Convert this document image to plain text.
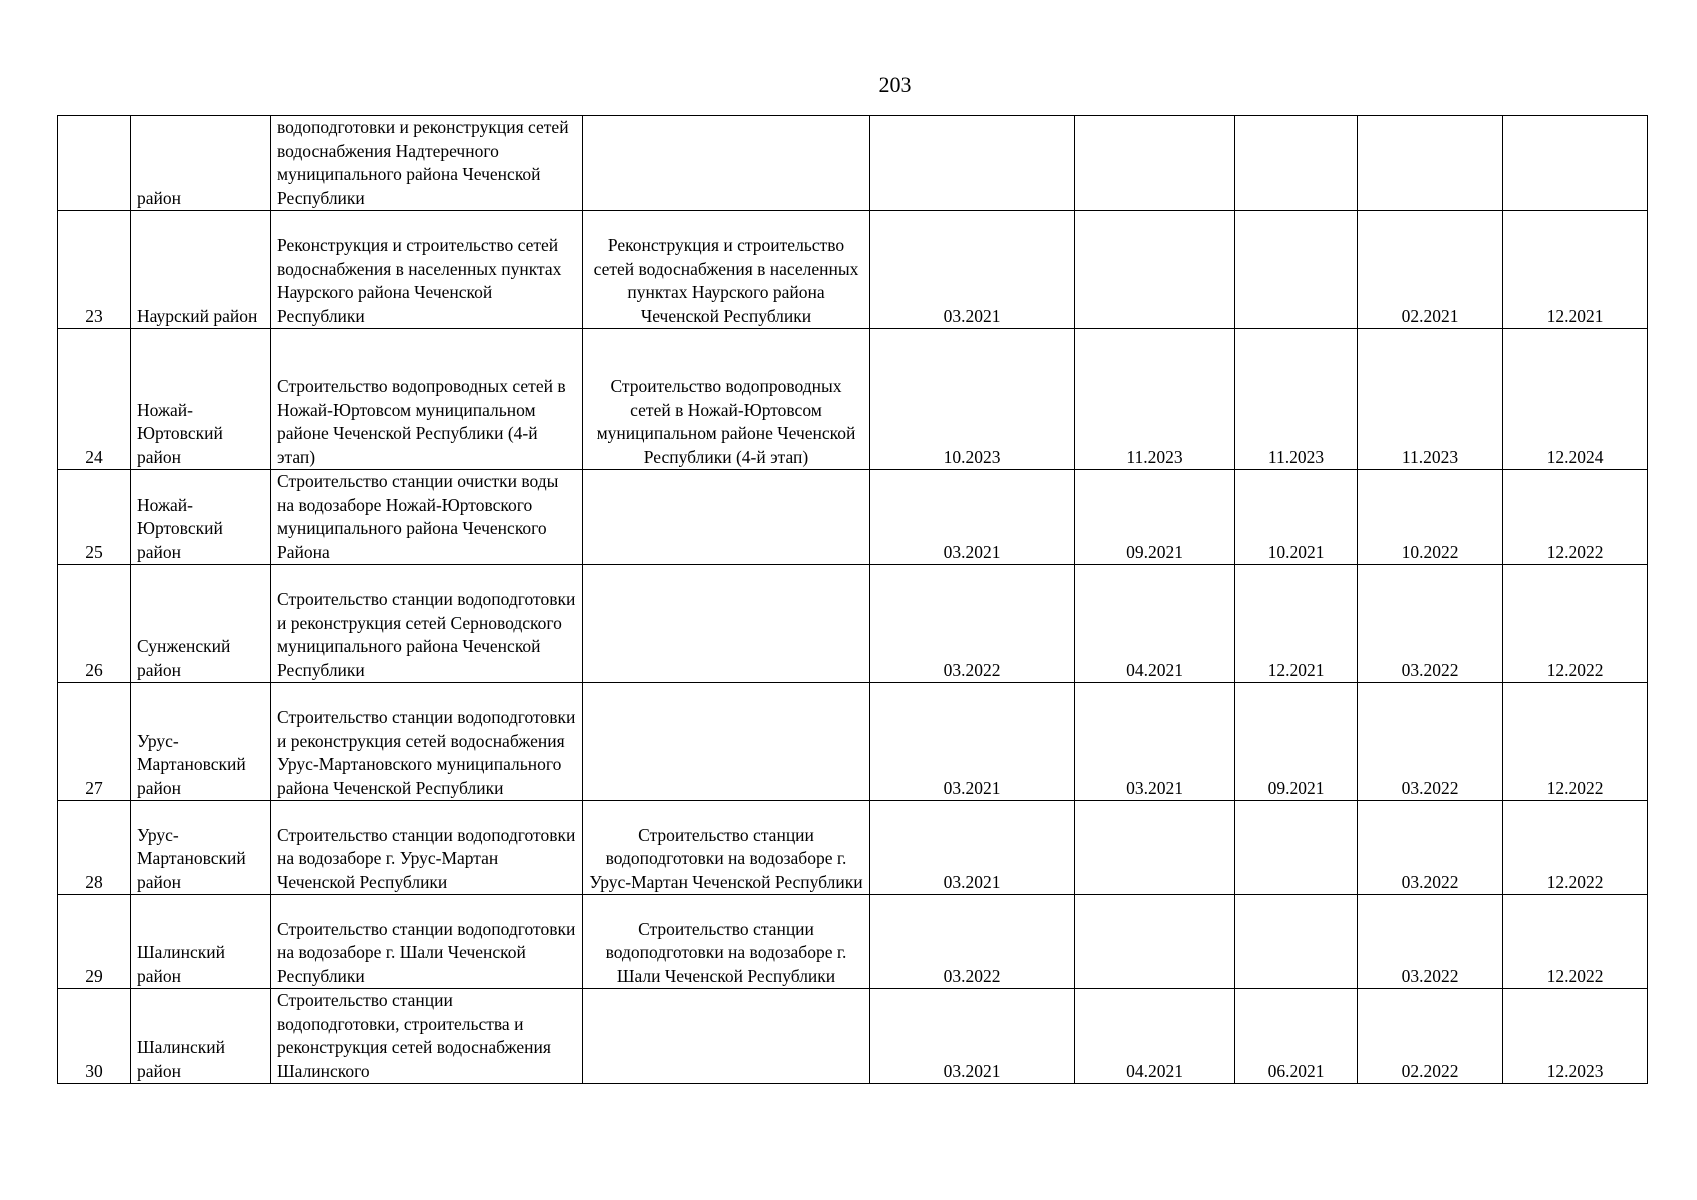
203
	район	водоподготовки и реконструкция сетей водоснабжения Надтеречного муниципального района Чеченской Республики						
23	Наурский район	Реконструкция и строительство сетей водоснабжения в населенных пунктах Наурского района Чеченской Республики	Реконструкция и строительство сетей водоснабжения в населенных пунктах Наурского района Чеченской Республики	03.2021			02.2021	12.2021
24	Ножай-Юртовский район	Строительство водопроводных сетей в Ножай-Юртовсом муниципальном районе Чеченской Республики (4-й этап)	Строительство водопроводных сетей в Ножай-Юртовсом муниципальном районе Чеченской Республики (4-й этап)	10.2023	11.2023	11.2023	11.2023	12.2024
25	Ножай-Юртовский район	Строительство станции очистки воды на водозаборе Ножай-Юртовского муниципального района Чеченского Района		03.2021	09.2021	10.2021	10.2022	12.2022
26	Сунженский район	Строительство станции водоподготовки и реконструкция сетей Серноводского муниципального района Чеченской Республики		03.2022	04.2021	12.2021	03.2022	12.2022
27	Урус-Мартановский район	Строительство станции водоподготовки и реконструкция сетей водоснабжения Урус-Мартановского муниципального района Чеченской Республики		03.2021	03.2021	09.2021	03.2022	12.2022
28	Урус-Мартановский район	Строительство станции водоподготовки на водозаборе г. Урус-Мартан Чеченской Республики	Строительство станции водоподготовки на водозаборе г. Урус-Мартан Чеченской Республики	03.2021			03.2022	12.2022
29	Шалинский район	Строительство станции водоподготовки на водозаборе г. Шали Чеченской Республики	Строительство станции водоподготовки на водозаборе г. Шали Чеченской Республики	03.2022			03.2022	12.2022
30	Шалинский район	Строительство станции водоподготовки, строительства и реконструкция сетей водоснабжения Шалинского		03.2021	04.2021	06.2021	02.2022	12.2023
